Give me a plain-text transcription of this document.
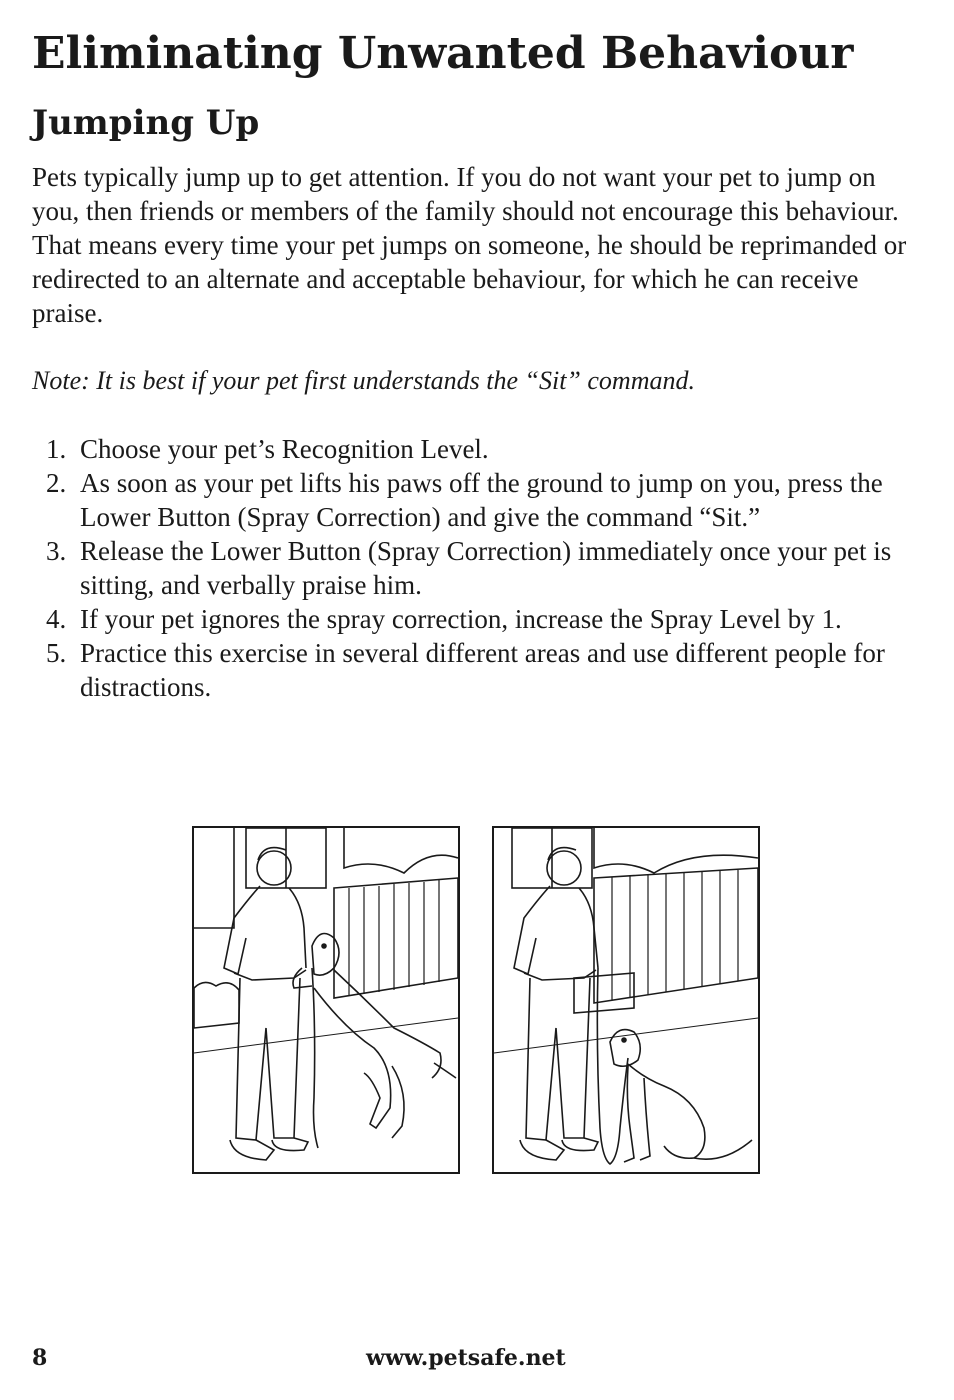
Eliminating Unwanted Behaviour
Jumping Up

Pets typically jump up to get attention. If you do not want your pet to jump on you, then friends or members of the family should not encourage this behaviour. That means every time your pet jumps on someone, he should be reprimanded or redirected to an alternate and acceptable behaviour, for which he can receive praise.

Note: It is best if your pet first understands the “Sit” command.

1. Choose your pet’s Recognition Level.
2. As soon as your pet lifts his paws off the ground to jump on you, press the Lower Button (Spray Correction) and give the command “Sit.”
3. Release the Lower Button (Spray Correction) immediately once your pet is sitting, and verbally praise him.
4. If your pet ignores the spray correction, increase the Spray Level by 1.
5. Practice this exercise in several different areas and use different people for distractions.
8	www.petsafe.net
